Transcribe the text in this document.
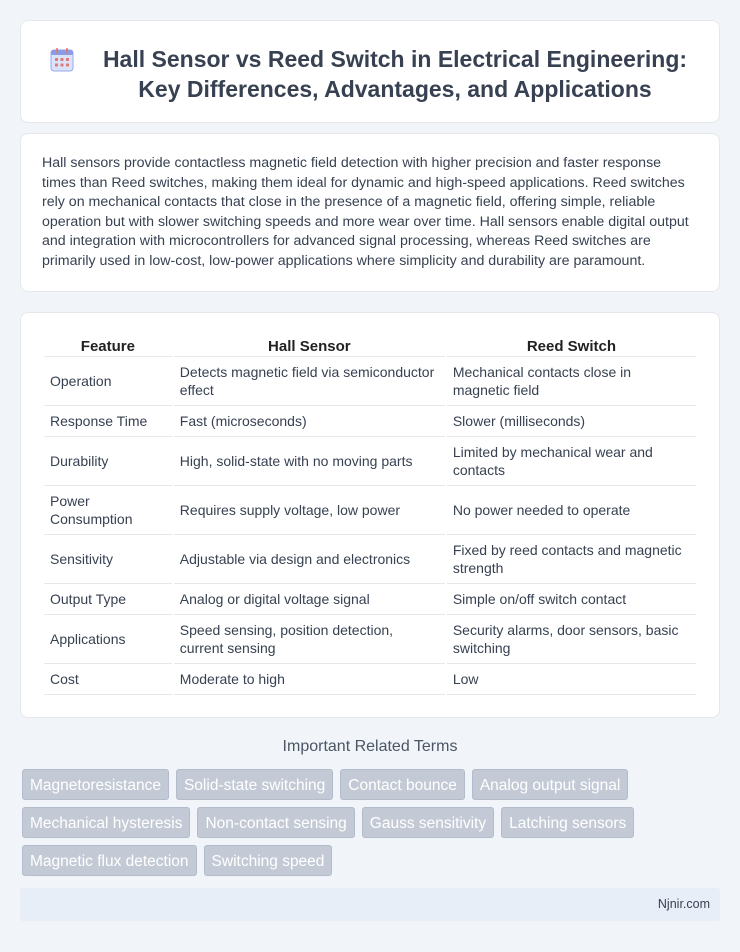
Hall Sensor vs Reed Switch in Electrical Engineering: Key Differences, Advantages, and Applications

Hall sensors provide contactless magnetic field detection with higher precision and faster response times than Reed switches, making them ideal for dynamic and high-speed applications. Reed switches rely on mechanical contacts that close in the presence of a magnetic field, offering simple, reliable operation but with slower switching speeds and more wear over time. Hall sensors enable digital output and integration with microcontrollers for advanced signal processing, whereas Reed switches are primarily used in low-cost, low-power applications where simplicity and durability are paramount.

Feature	Hall Sensor	Reed Switch
Operation	Detects magnetic field via semiconductor effect	Mechanical contacts close in magnetic field
Response Time	Fast (microseconds)	Slower (milliseconds)
Durability	High, solid-state with no moving parts	Limited by mechanical wear and contacts
Power Consumption	Requires supply voltage, low power	No power needed to operate
Sensitivity	Adjustable via design and electronics	Fixed by reed contacts and magnetic strength
Output Type	Analog or digital voltage signal	Simple on/off switch contact
Applications	Speed sensing, position detection, current sensing	Security alarms, door sensors, basic switching
Cost	Moderate to high	Low
Important Related Terms
Magnetoresistance	Solid-state switching	Contact bounce	Analog output signal
Mechanical hysteresis	Non-contact sensing	Gauss sensitivity	Latching sensors
Magnetic flux detection	Switching speed
Njnir.com
